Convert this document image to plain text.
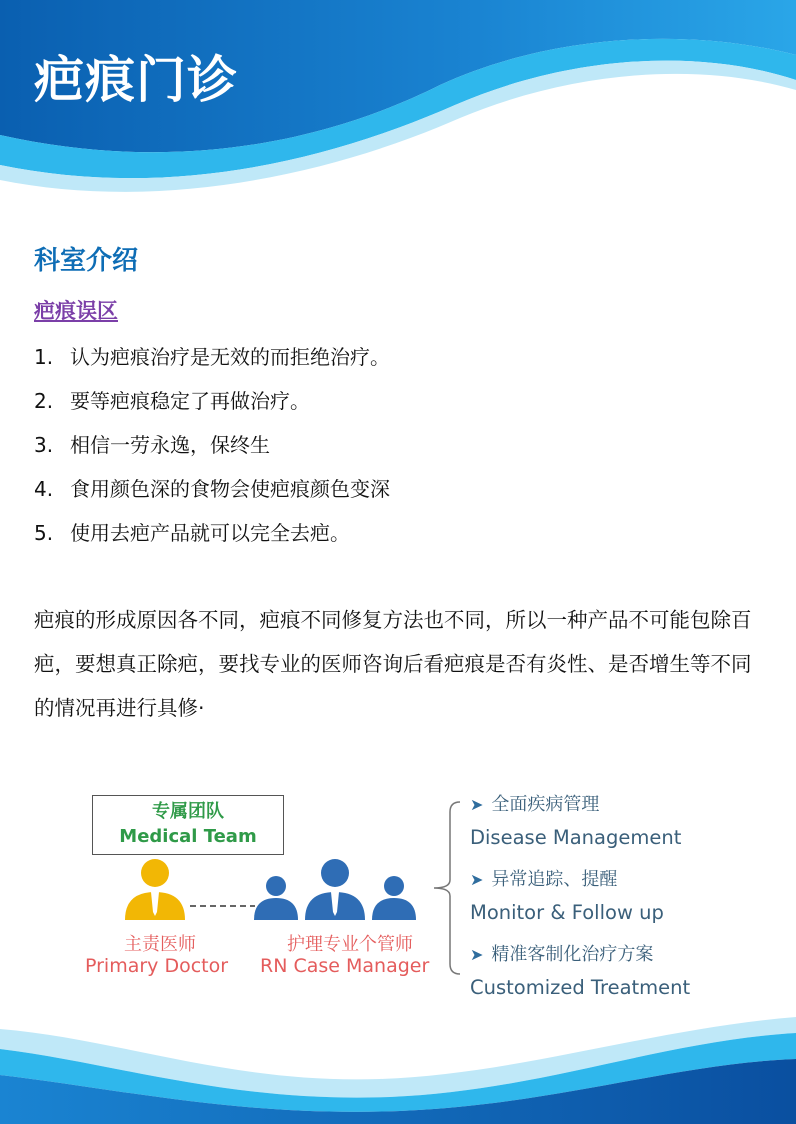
疤痕门诊
科室介绍
疤痕误区
1. 认为疤痕治疗是无效的而拒绝治疗。
2. 要等疤痕稳定了再做治疗。
3. 相信一劳永逸，保终生
4. 食用颜色深的食物会使疤痕颜色变深
5. 使用去疤产品就可以完全去疤。

疤痕的形成原因各不同，疤痕不同修复方法也不同，所以一种产品不可能包除百疤，要想真正除疤，要找专业的医师咨询后看疤痕是否有炎性、是否增生等不同的情况再进行具修·

专属团队
Medical Team
主责医师
Primary Doctor
护理专业个管师
RN Case Manager
➤ 全面疾病管理
Disease Management
➤ 异常追踪、提醒
Monitor & Follow up
➤ 精准客制化治疗方案
Customized Treatment
